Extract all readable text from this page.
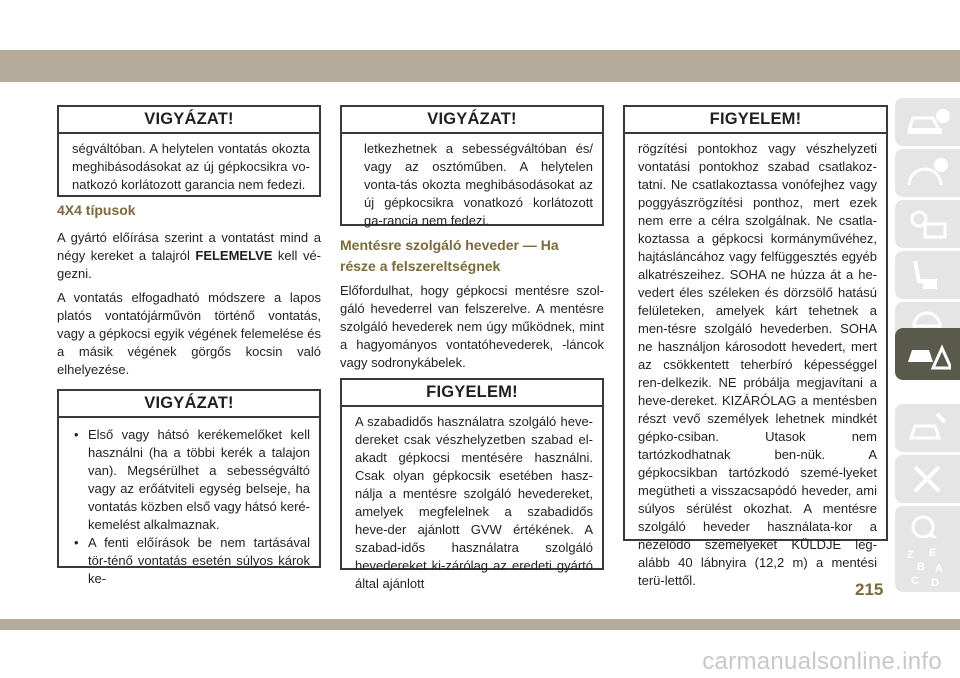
VIGYÁZAT!
ségváltóban. A helytelen vontatás okozta meghibásodásokat az új gépkocsikra vo-natkozó korlátozott garancia nem fedezi.
4X4 típusok
A gyártó előírása szerint a vontatást mind a négy kereket a talajról FELEMELVE kell vé-gezni.
A vontatás elfogadható módszere a lapos platós vontatójárművön történő vontatás, vagy a gépkocsi egyik végének felemelése és a másik végének görgős kocsin való elhelyezése.
VIGYÁZAT!
• Első vagy hátsó kerékemelőket kell használni (ha a többi kerék a talajon van). Megsérülhet a sebességváltó vagy az erőátviteli egység belseje, ha vontatás közben első vagy hátsó keré-kemelést alkalmaznak.
• A fenti előírások be nem tartásával tör-ténő vontatás esetén súlyos károk ke-
VIGYÁZAT!
letkezhetnek a sebességváltóban és/ vagy az osztóműben. A helytelen vonta-tás okozta meghibásodásokat az új gépkocsikra vonatkozó korlátozott ga-rancia nem fedezi.
Mentésre szolgáló heveder — Ha része a felszereltségnek
Előfordulhat, hogy gépkocsi mentésre szol-gáló hevederrel van felszerelve. A mentésre szolgáló hevederek nem úgy működnek, mint a hagyományos vontatóhevederek, -láncok vagy sodronykábelek.
FIGYELEM!
A szabadidős használatra szolgáló heve-dereket csak vészhelyzetben szabad el-akadt gépkocsi mentésére használni. Csak olyan gépkocsik esetében hasz-nálja a mentésre szolgáló hevedereket, amelyek megfelelnek a szabadidős heve-der ajánlott GVW értékének. A szabad-idős használatra szolgáló hevedereket ki-zárólag az eredeti gyártó által ajánlott
FIGYELEM!
rögzítési pontokhoz vagy vészhelyzeti vontatási pontokhoz szabad csatlakoz-tatni. Ne csatlakoztassa vonófejhez vagy poggyászrögzítési ponthoz, mert ezek nem erre a célra szolgálnak. Ne csatla-koztassa a gépkocsi kormányművéhez, hajtásláncához vagy felfüggesztés egyéb alkatrészeihez. SOHA ne húzza át a he-vedert éles széleken és dörzsölő hatású felületeken, amelyek kárt tehetnek a men-tésre szolgáló hevederben. SOHA ne használjon károsodott hevedert, mert az csökkentett teherbíró képességgel ren-delkezik. NE próbálja megjavítani a heve-dereket. KIZÁRÓLAG a mentésben részt vevő személyek lehetnek mindkét gépko-csiban. Utasok nem tartózkodhatnak ben-nük. A gépkocsikban tartózkodó szemé-lyeket megütheti a visszacsapódó heveder, ami súlyos sérülést okozhat. A mentésre szolgáló heveder használata-kor a nézelődő személyeket KÜLDJE leg-alább 40 lábnyira (12,2 m) a mentési terü-lettől.
Z E
B A
C D
215
carmanualsonline.info
